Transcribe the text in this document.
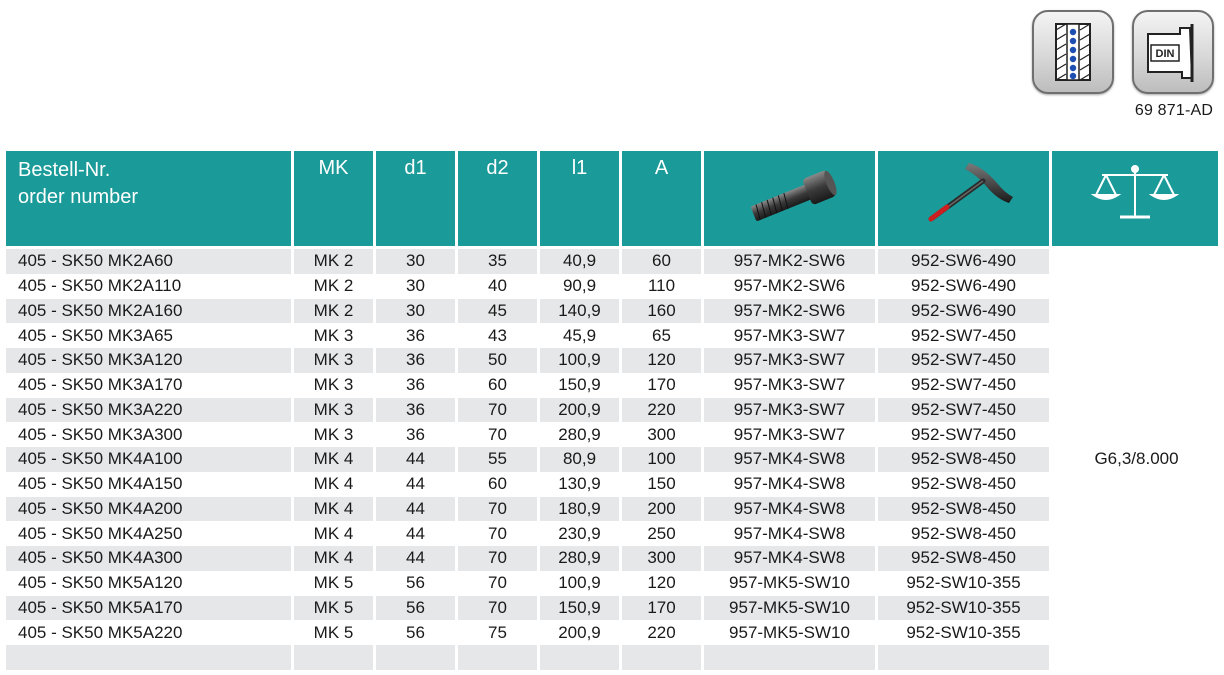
DIN
69 871-AD
Bestell-Nr.
order number	MK	d1	d2	l1	A	

405 - SK50 MK2A60	MK 2	30	35	40,9	60	957-MK2-SW6	952-SW6-490	G6,3/8.000
405 - SK50 MK2A110	MK 2	30	40	90,9	110	957-MK2-SW6	952-SW6-490	
405 - SK50 MK2A160	MK 2	30	45	140,9	160	957-MK2-SW6	952-SW6-490	
405 - SK50 MK3A65	MK 3	36	43	45,9	65	957-MK3-SW7	952-SW7-450	
405 - SK50 MK3A120	MK 3	36	50	100,9	120	957-MK3-SW7	952-SW7-450	
405 - SK50 MK3A170	MK 3	36	60	150,9	170	957-MK3-SW7	952-SW7-450	
405 - SK50 MK3A220	MK 3	36	70	200,9	220	957-MK3-SW7	952-SW7-450	
405 - SK50 MK3A300	MK 3	36	70	280,9	300	957-MK3-SW7	952-SW7-450	
405 - SK50 MK4A100	MK 4	44	55	80,9	100	957-MK4-SW8	952-SW8-450	
405 - SK50 MK4A150	MK 4	44	60	130,9	150	957-MK4-SW8	952-SW8-450	
405 - SK50 MK4A200	MK 4	44	70	180,9	200	957-MK4-SW8	952-SW8-450	
405 - SK50 MK4A250	MK 4	44	70	230,9	250	957-MK4-SW8	952-SW8-450	
405 - SK50 MK4A300	MK 4	44	70	280,9	300	957-MK4-SW8	952-SW8-450	
405 - SK50 MK5A120	MK 5	56	70	100,9	120	957-MK5-SW10	952-SW10-355	
405 - SK50 MK5A170	MK 5	56	70	150,9	170	957-MK5-SW10	952-SW10-355	
405 - SK50 MK5A220	MK 5	56	75	200,9	220	957-MK5-SW10	952-SW10-355	
